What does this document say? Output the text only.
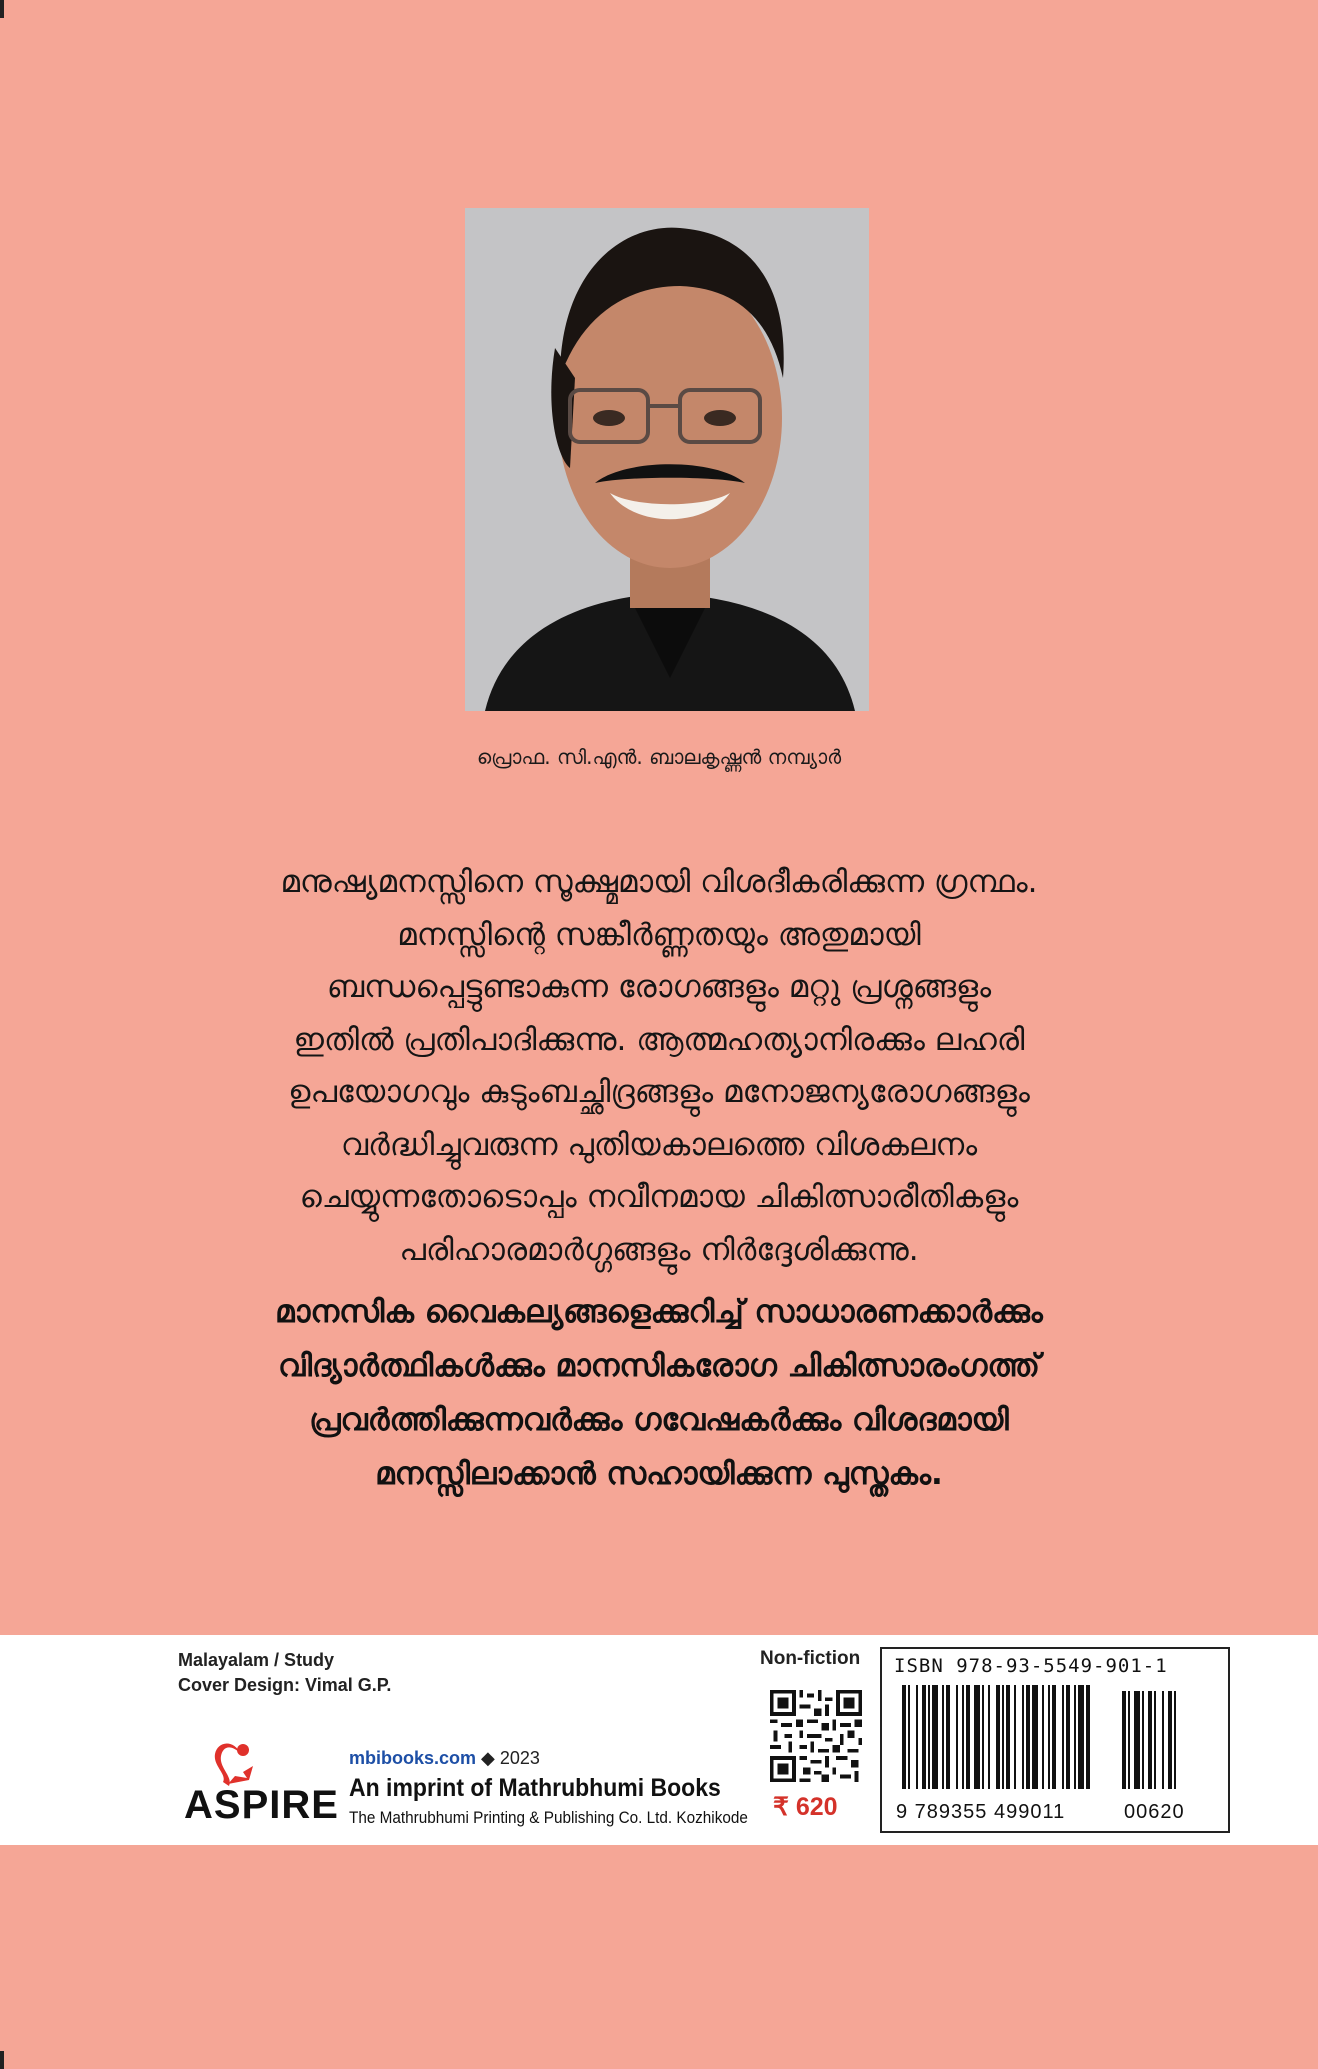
പ്രൊഫ. സി.എൻ. ബാലകൃഷ്ണൻ നമ്പ്യാർ
മനുഷ്യമനസ്സിനെ സൂക്ഷ്മമായി വിശദീകരിക്കുന്ന ഗ്രന്ഥം.
മനസ്സിന്റെ സങ്കീർണ്ണതയും അതുമായി
ബന്ധപ്പെട്ടുണ്ടാകുന്ന രോഗങ്ങളും മറ്റു പ്രശ്നങ്ങളും
ഇതിൽ പ്രതിപാദിക്കുന്നു. ആത്മഹത്യാനിരക്കും ലഹരി
ഉപയോഗവും കുടുംബച്ഛിദ്രങ്ങളും മനോജന്യരോഗങ്ങളും
വർദ്ധിച്ചുവരുന്ന പുതിയകാലത്തെ വിശകലനം
ചെയ്യുന്നതോടൊപ്പം നവീനമായ ചികിത്സാരീതികളും
പരിഹാരമാർഗ്ഗങ്ങളും നിർദ്ദേശിക്കുന്നു.
മാനസിക വൈകല്യങ്ങളെക്കുറിച്ച് സാധാരണക്കാർക്കും
വിദ്യാർത്ഥികൾക്കും മാനസികരോഗ ചികിത്സാരംഗത്ത്
പ്രവർത്തിക്കുന്നവർക്കും ഗവേഷകർക്കും വിശദമായി
മനസ്സിലാക്കാൻ സഹായിക്കുന്ന പുസ്തകം.
Malayalam / Study
Cover Design: Vimal G.P.
ASPIRE
mbibooks.com ◆ 2023
An imprint of Mathrubhumi Books
The Mathrubhumi Printing & Publishing Co. Ltd. Kozhikode
Non-fiction
₹ 620
ISBN 978-93-5549-901-1
9 789355 499011	00620
